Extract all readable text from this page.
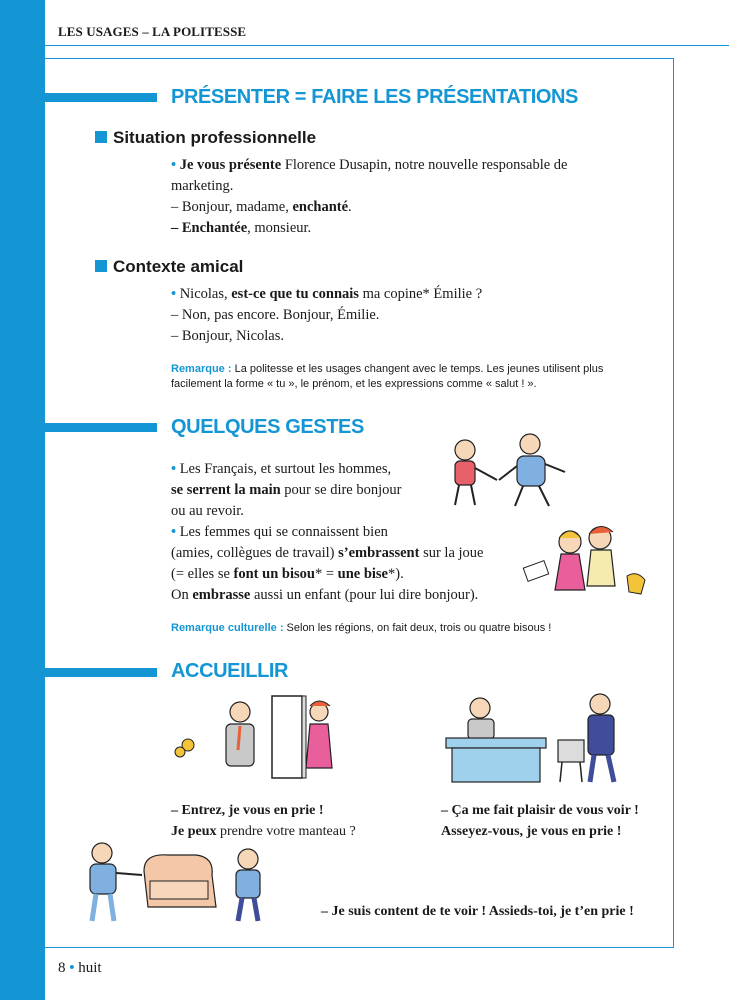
LES USAGES – LA POLITESSE
PRÉSENTER = FAIRE LES PRÉSENTATIONS
Situation professionnelle
• Je vous présente Florence Dusapin, notre nouvelle responsable de
marketing.
– Bonjour, madame, enchanté.
– Enchantée, monsieur.
Contexte amical
• Nicolas, est-ce que tu connais ma copine* Émilie ?
– Non, pas encore. Bonjour, Émilie.
– Bonjour, Nicolas.
Remarque : La politesse et les usages changent avec le temps. Les jeunes utilisent plus
facilement la forme « tu », le prénom, et les expressions comme « salut ! ».
QUELQUES GESTES
• Les Français, et surtout les hommes,
se serrent la main pour se dire bonjour
ou au revoir.
• Les femmes qui se connaissent bien
(amies, collègues de travail) s’embrassent sur la joue
(= elles se font un bisou* = une bise*).
On embrasse aussi un enfant (pour lui dire bonjour).
Remarque culturelle : Selon les régions, on fait deux, trois ou quatre bisous !
ACCUEILLIR
– Entrez, je vous en prie !
Je peux prendre votre manteau ?
– Ça me fait plaisir de vous voir !
Asseyez-vous, je vous en prie !
– Je suis content de te voir ! Assieds-toi, je t’en prie !
8 • huit
